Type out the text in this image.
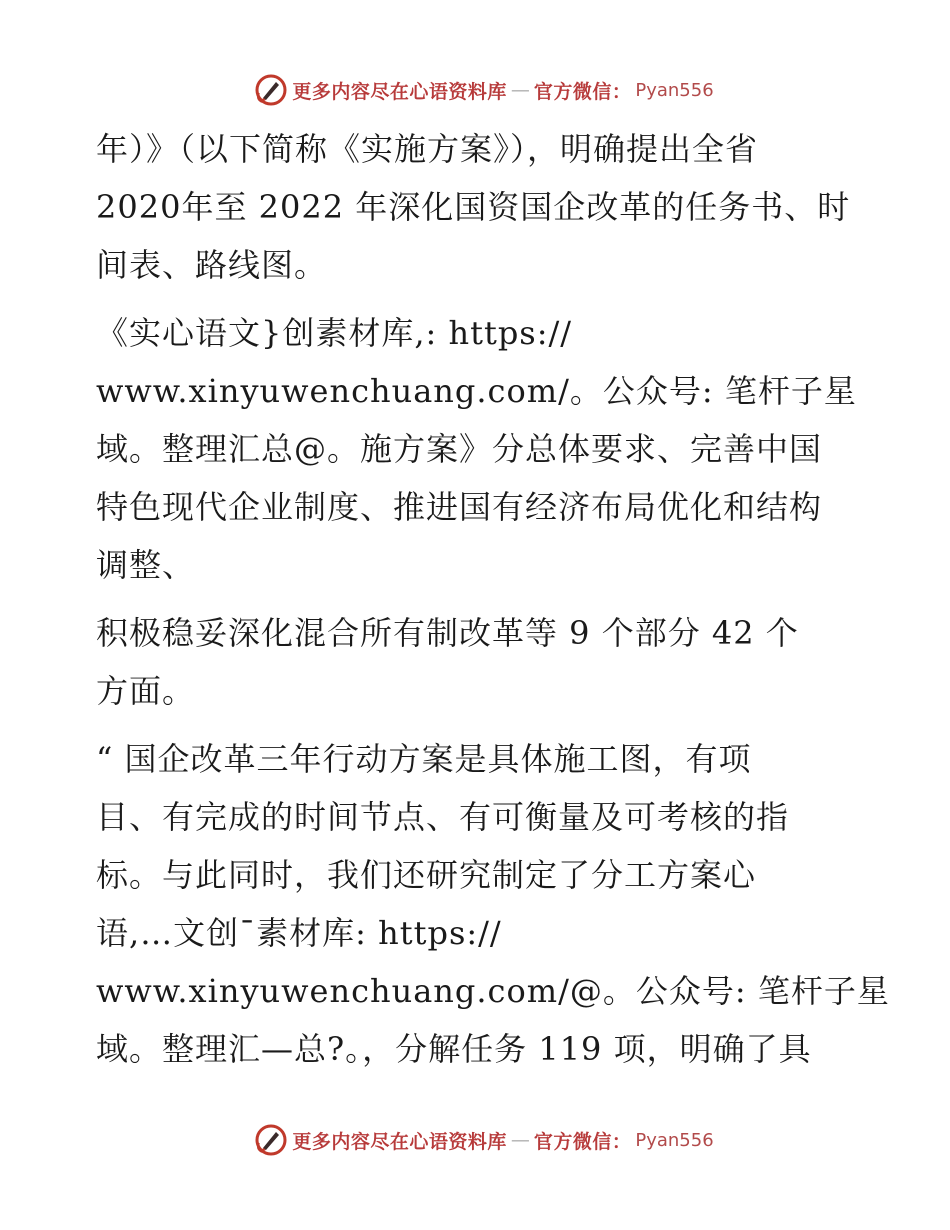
更多内容尽在心语资料库 — 官方微信： Pyan556
年）》（以下简称《实施方案》），明确提出全省
2020年至 2022 年深化国资国企改革的任务书、时
间表、路线图。
《实心语文}创素材库,: https://
www.xinyuwenchuang.com/。公众号: 笔杆子星
域。整理汇总@。施方案》分总体要求、完善中国
特色现代企业制度、推进国有经济布局优化和结构
调整、
积极稳妥深化混合所有制改革等 9 个部分 42 个
方面。
“ 国企改革三年行动方案是具体施工图，有项
目、有完成的时间节点、有可衡量及可考核的指
标。与此同时，我们还研究制定了分工方案心
语,…文创¯素材库: https://
www.xinyuwenchuang.com/@。公众号: 笔杆子星
域。整理汇—总?。，分解任务 119 项，明确了具
更多内容尽在心语资料库 — 官方微信： Pyan556
